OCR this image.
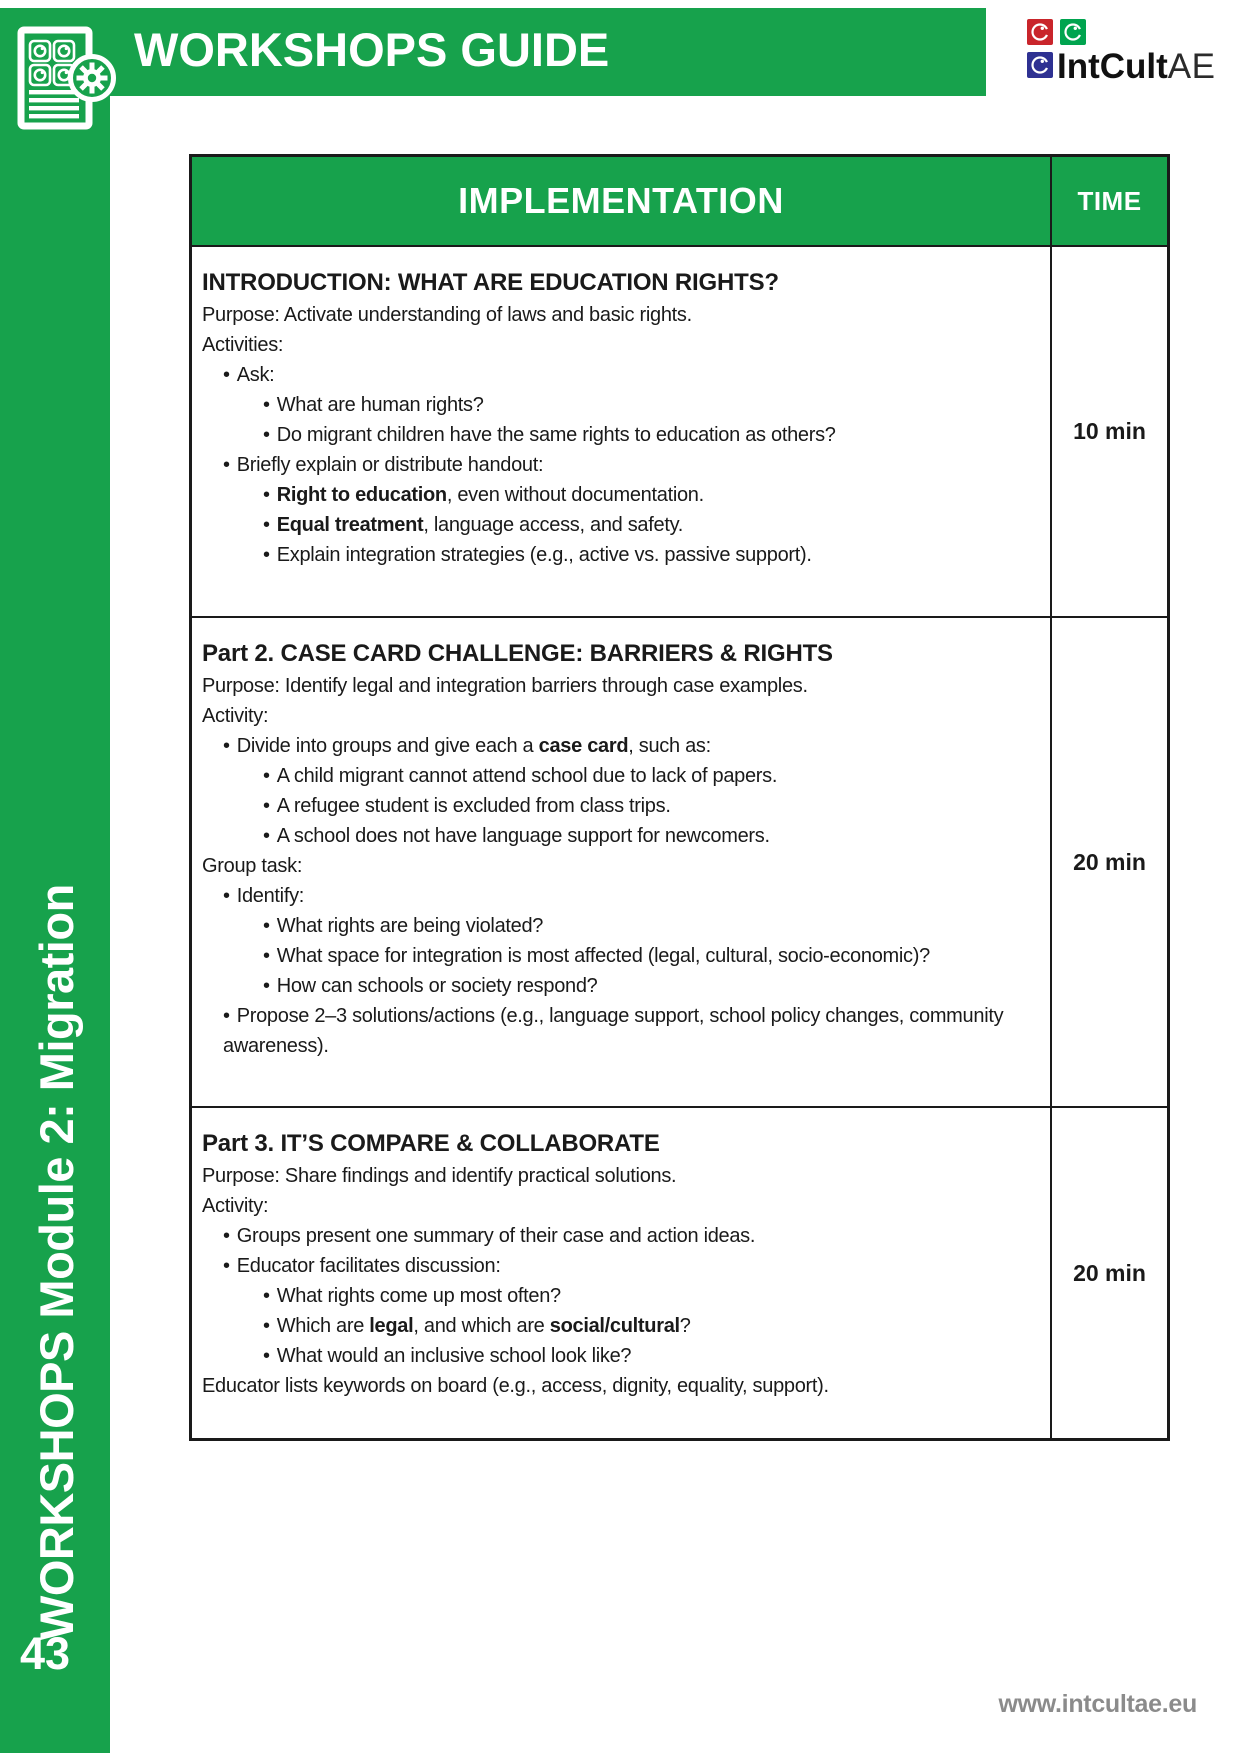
WORKSHOPS Module 2: Migration
43
WORKSHOPS GUIDE	IntCultAE
IMPLEMENTATION	TIME
INTRODUCTION: WHAT ARE EDUCATION RIGHTS?
Purpose: Activate understanding of laws and basic rights.
Activities:
• Ask:
• What are human rights?
• Do migrant children have the same rights to education as others?
• Briefly explain or distribute handout:
• Right to education, even without documentation.
• Equal treatment, language access, and safety.
• Explain integration strategies (e.g., active vs. passive support).
10 min
Part 2. CASE CARD CHALLENGE: BARRIERS & RIGHTS
Purpose: Identify legal and integration barriers through case examples.
Activity:
• Divide into groups and give each a case card, such as:
• A child migrant cannot attend school due to lack of papers.
• A refugee student is excluded from class trips.
• A school does not have language support for newcomers.
Group task:
• Identify:
• What rights are being violated?
• What space for integration is most affected (legal, cultural, socio-economic)?
• How can schools or society respond?
• Propose 2–3 solutions/actions (e.g., language support, school policy changes, community awareness).
20 min
Part 3. IT’S COMPARE & COLLABORATE
Purpose: Share findings and identify practical solutions.
Activity:
• Groups present one summary of their case and action ideas.
• Educator facilitates discussion:
• What rights come up most often?
• Which are legal, and which are social/cultural?
• What would an inclusive school look like?
Educator lists keywords on board (e.g., access, dignity, equality, support).
20 min
www.intcultae.eu
